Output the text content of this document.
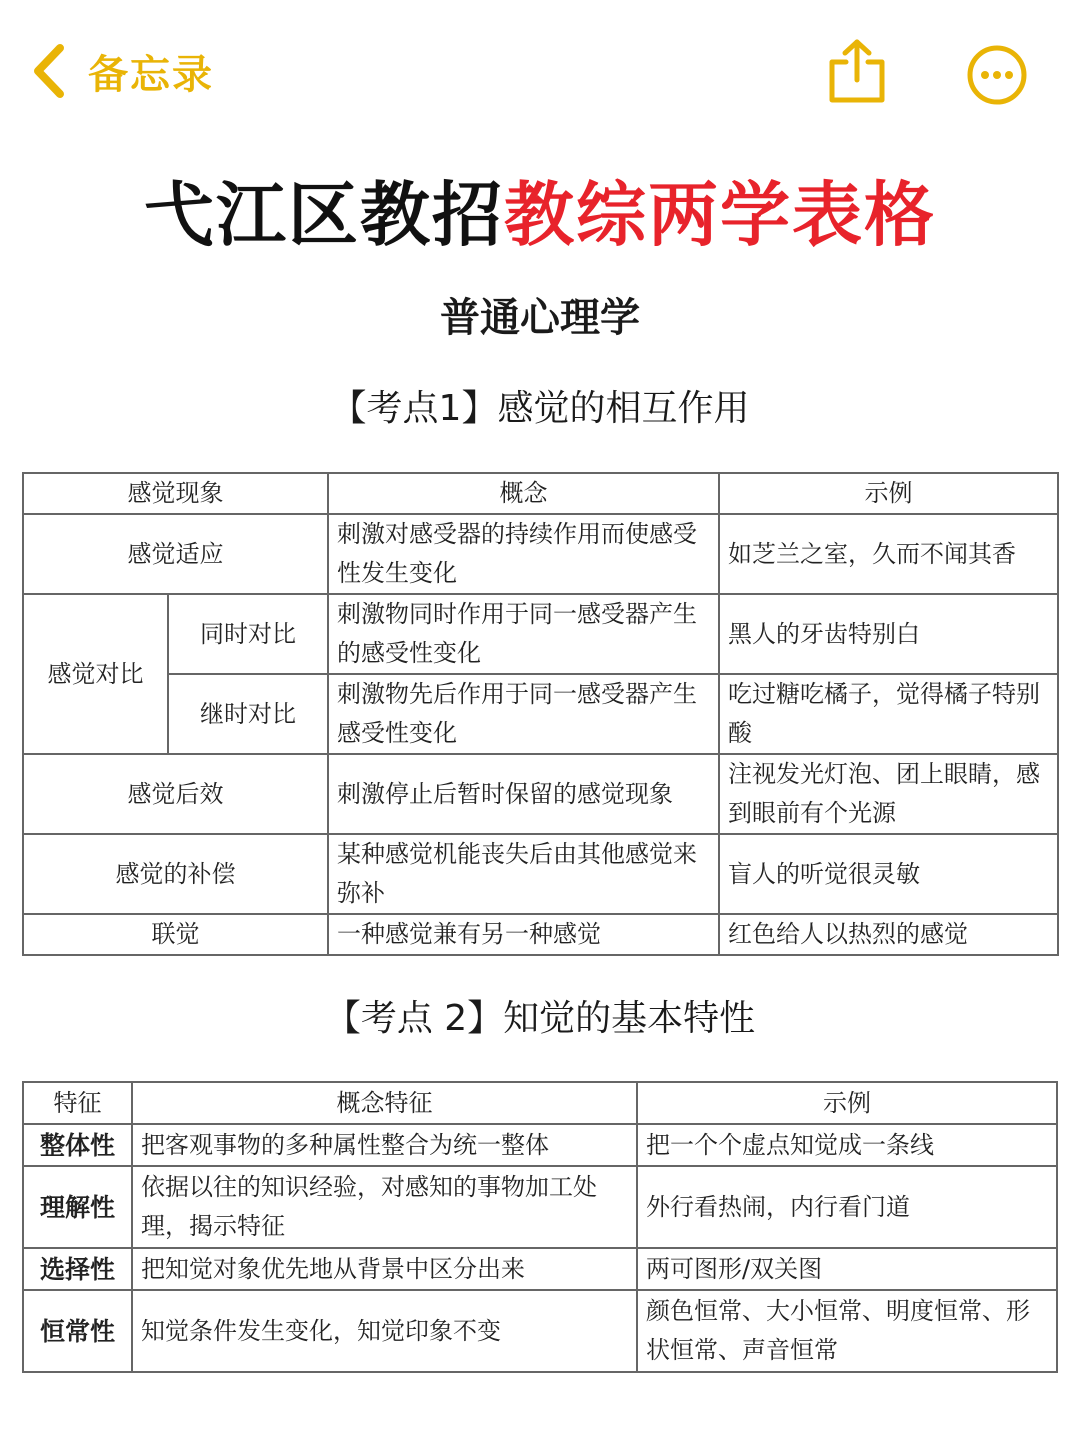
备忘录
弋江区教招教综两学表格
普通心理学
【考点1】感觉的相互作用
感觉现象		概念	示例
感觉适应		刺激对感受器的持续作用而使感受性发生变化	如芝兰之室，久而不闻其香
感觉对比	同时对比	刺激物同时作用于同一感受器产生的感受性变化	黑人的牙齿特别白
	继时对比	刺激物先后作用于同一感受器产生感受性变化	吃过糖吃橘子，觉得橘子特别酸
感觉后效		刺激停止后暂时保留的感觉现象	注视发光灯泡、团上眼睛，感到眼前有个光源
感觉的补偿		某种感觉机能丧失后由其他感觉来弥补	盲人的听觉很灵敏
联觉		一种感觉兼有另一种感觉	红色给人以热烈的感觉
【考点 2】知觉的基本特性
特征	概念特征	示例
整体性	把客观事物的多种属性整合为统一整体	把一个个虚点知觉成一条线
理解性	依据以往的知识经验，对感知的事物加工处理，揭示特征	外行看热闹，内行看门道
选择性	把知觉对象优先地从背景中区分出来	两可图形/双关图
恒常性	知觉条件发生变化，知觉印象不变	颜色恒常、大小恒常、明度恒常、形状恒常、声音恒常
